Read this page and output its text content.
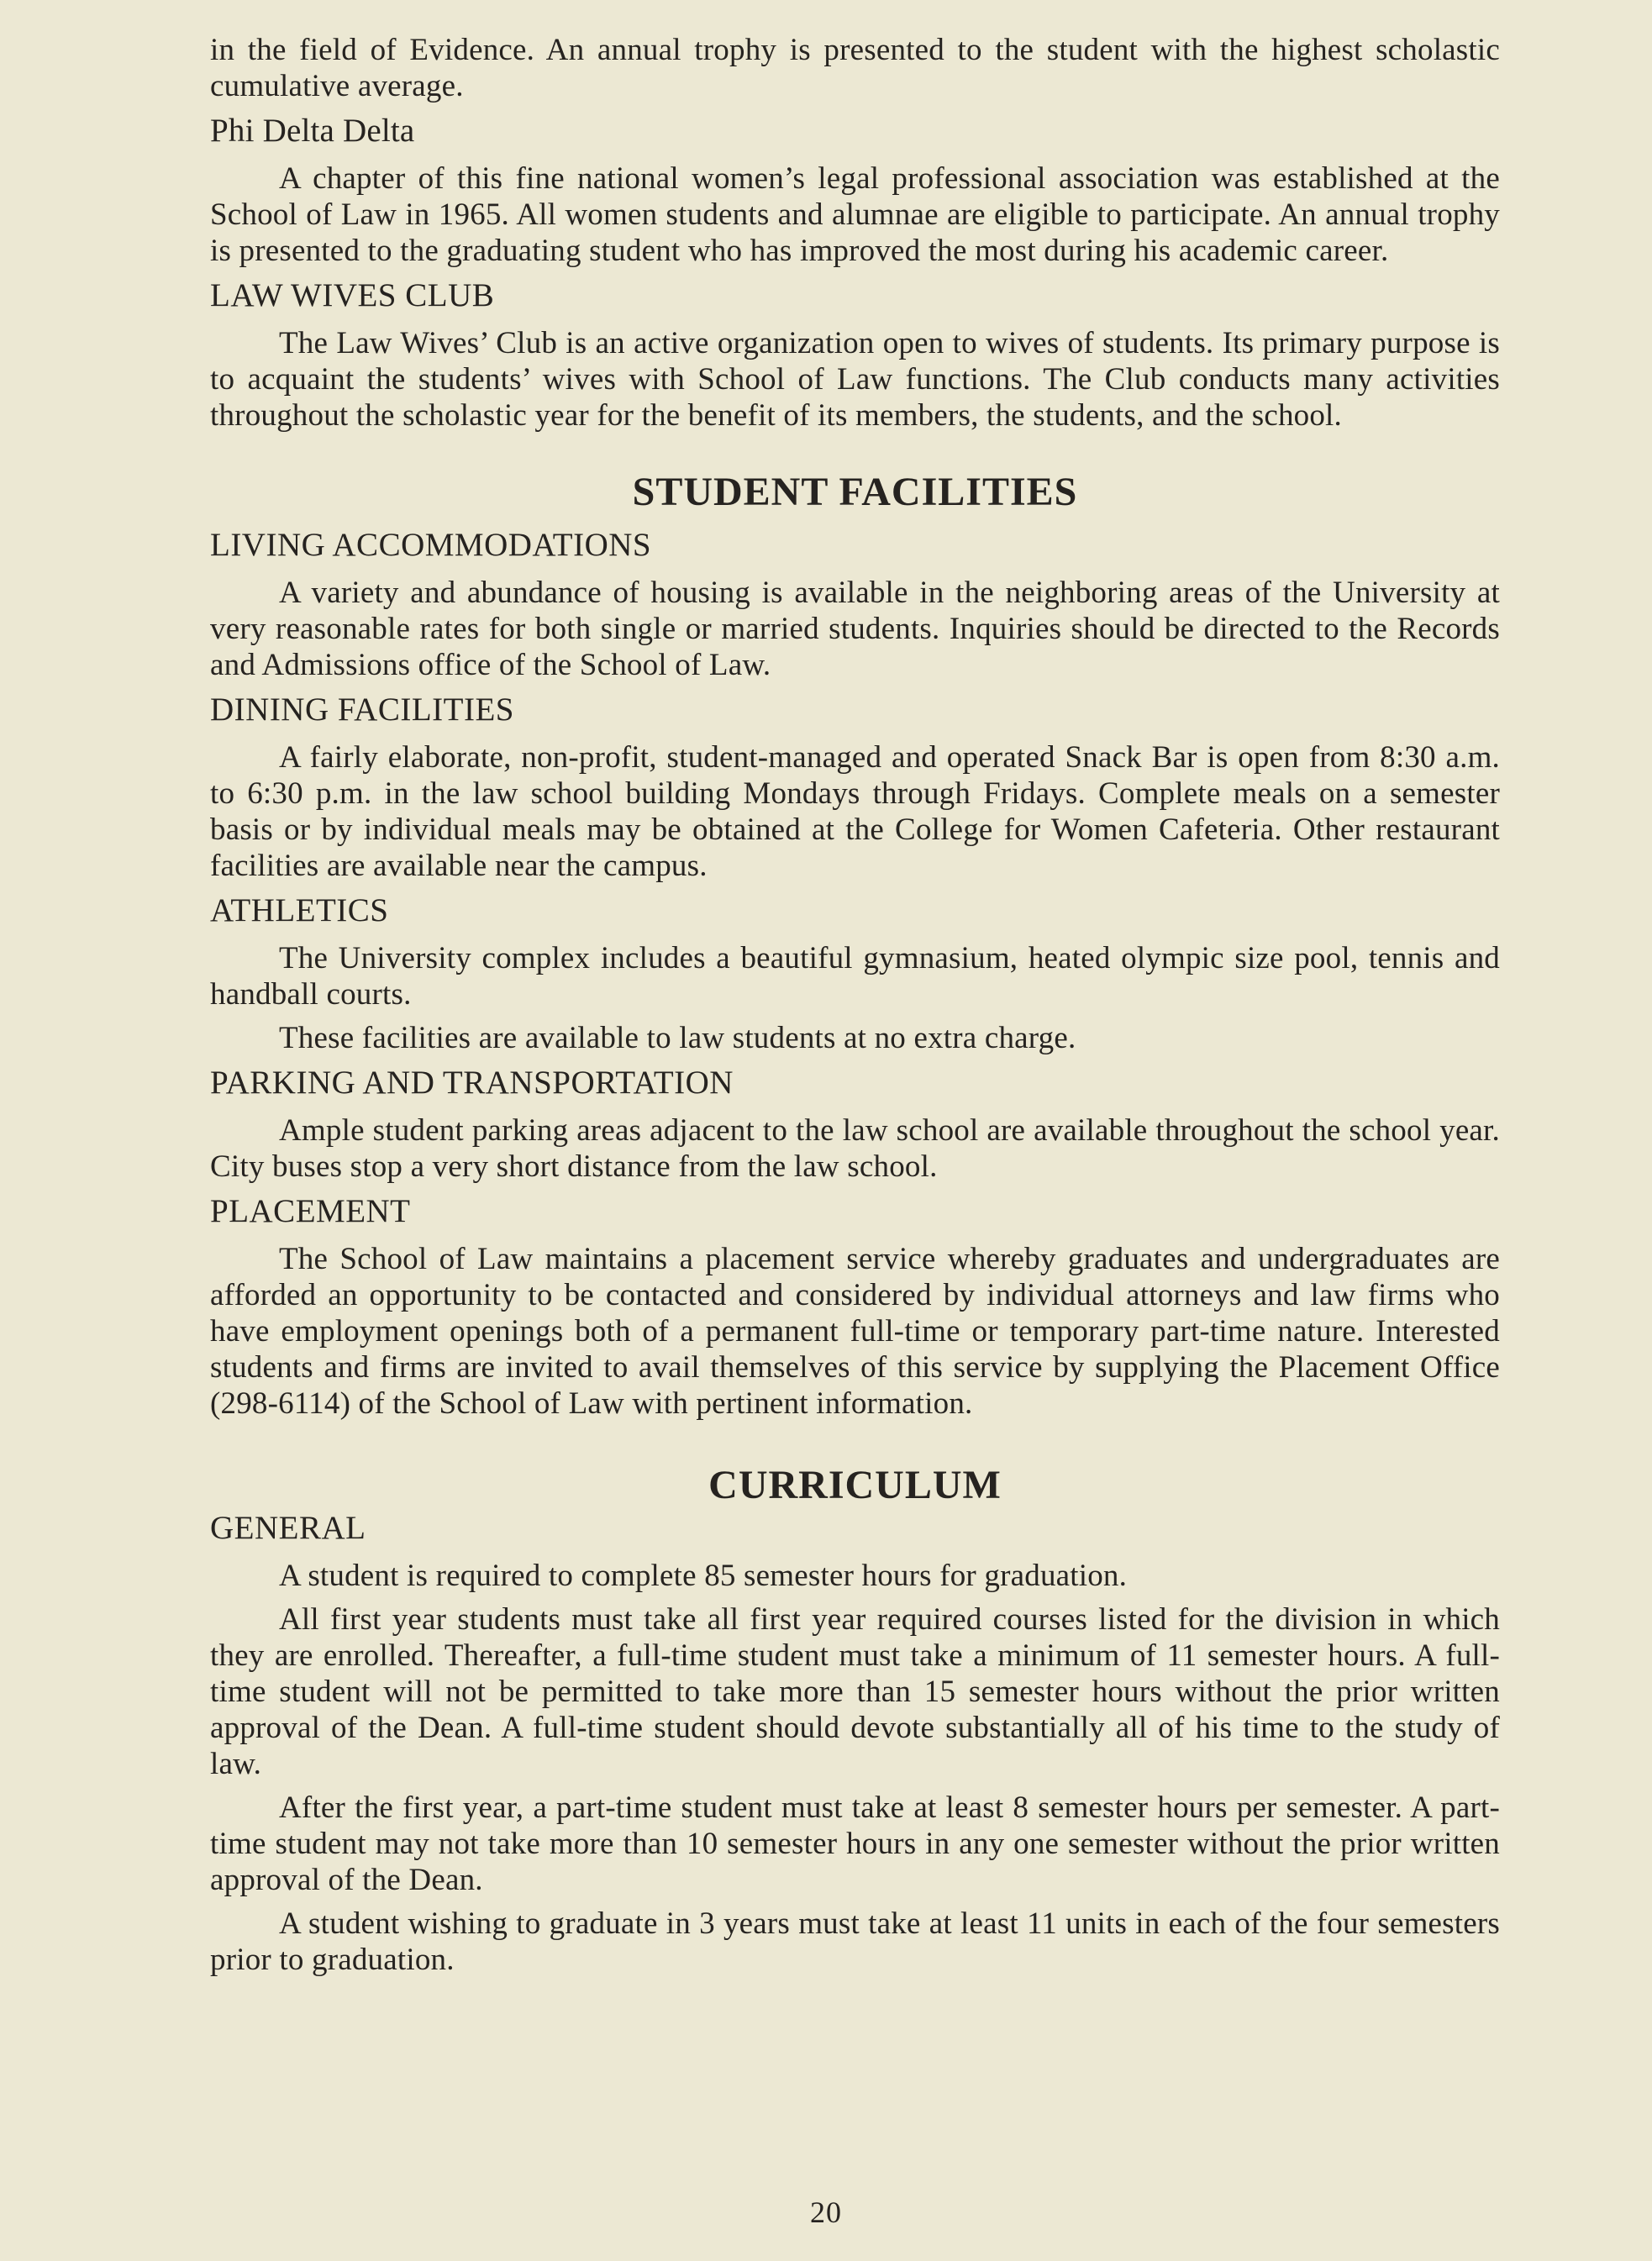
in the field of Evidence. An annual trophy is presented to the student with the highest scholastic cumulative average.

Phi Delta Delta

A chapter of this fine national women’s legal professional association was established at the School of Law in 1965. All women students and alumnae are eligible to participate. An annual trophy is presented to the graduating student who has improved the most during his academic career.

LAW WIVES CLUB

The Law Wives’ Club is an active organization open to wives of students. Its primary purpose is to acquaint the students’ wives with School of Law functions. The Club conducts many activities throughout the scholastic year for the benefit of its members, the students, and the school.

STUDENT FACILITIES
LIVING ACCOMMODATIONS

A variety and abundance of housing is available in the neighboring areas of the University at very reasonable rates for both single or married students. Inquiries should be directed to the Records and Admissions office of the School of Law.

DINING FACILITIES

A fairly elaborate, non-profit, student-managed and operated Snack Bar is open from 8:30 a.m. to 6:30 p.m. in the law school building Mondays through Fridays. Complete meals on a semester basis or by individual meals may be obtained at the College for Women Cafeteria. Other restaurant facilities are available near the campus.

ATHLETICS

The University complex includes a beautiful gymnasium, heated olympic size pool, tennis and handball courts.

These facilities are available to law students at no extra charge.

PARKING AND TRANSPORTATION

Ample student parking areas adjacent to the law school are available throughout the school year. City buses stop a very short distance from the law school.

PLACEMENT

The School of Law maintains a placement service whereby graduates and undergraduates are afforded an opportunity to be contacted and considered by individual attorneys and law firms who have employment openings both of a permanent full-time or temporary part-time nature. Interested students and firms are invited to avail themselves of this service by supplying the Placement Office (298-6114) of the School of Law with pertinent information.

CURRICULUM
GENERAL

A student is required to complete 85 semester hours for graduation.

All first year students must take all first year required courses listed for the division in which they are enrolled. Thereafter, a full-time student must take a minimum of 11 semester hours. A full-time student will not be permitted to take more than 15 semester hours without the prior written approval of the Dean. A full-time student should devote substantially all of his time to the study of law.

After the first year, a part-time student must take at least 8 semester hours per semester. A part-time student may not take more than 10 semester hours in any one semester without the prior written approval of the Dean.

A student wishing to graduate in 3 years must take at least 11 units in each of the four semesters prior to graduation.

20
